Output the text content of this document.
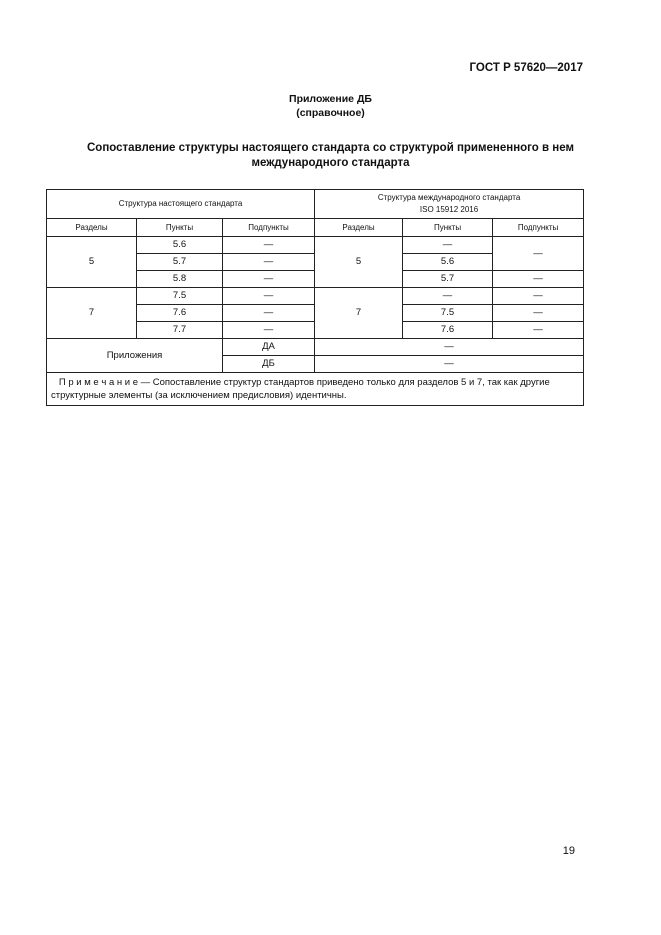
ГОСТ Р 57620—2017
Приложение ДБ
(справочное)
Сопоставление структуры настоящего стандарта со структурой примененного в нем
международного стандарта
Структура настоящего стандарта			Структура международного стандарта
ISO 15912 2016		

Разделы	Пункты	Подпункты	Разделы	Пункты	Подпункты
5	5.6	—	5	—	—
	5.7	—		5.6	
	5.8	—		5.7	—
7	7.5	—	7	—	—
	7.6	—		7.5	—
	7.7	—		7.6	—
Приложения		ДА	—		
		ДБ	—		
П р и м е ч а н и е — Сопоставление структур стандартов приведено только для разделов 5 и 7, так как другие структурные элементы (за исключением предисловия) идентичны.					
19
